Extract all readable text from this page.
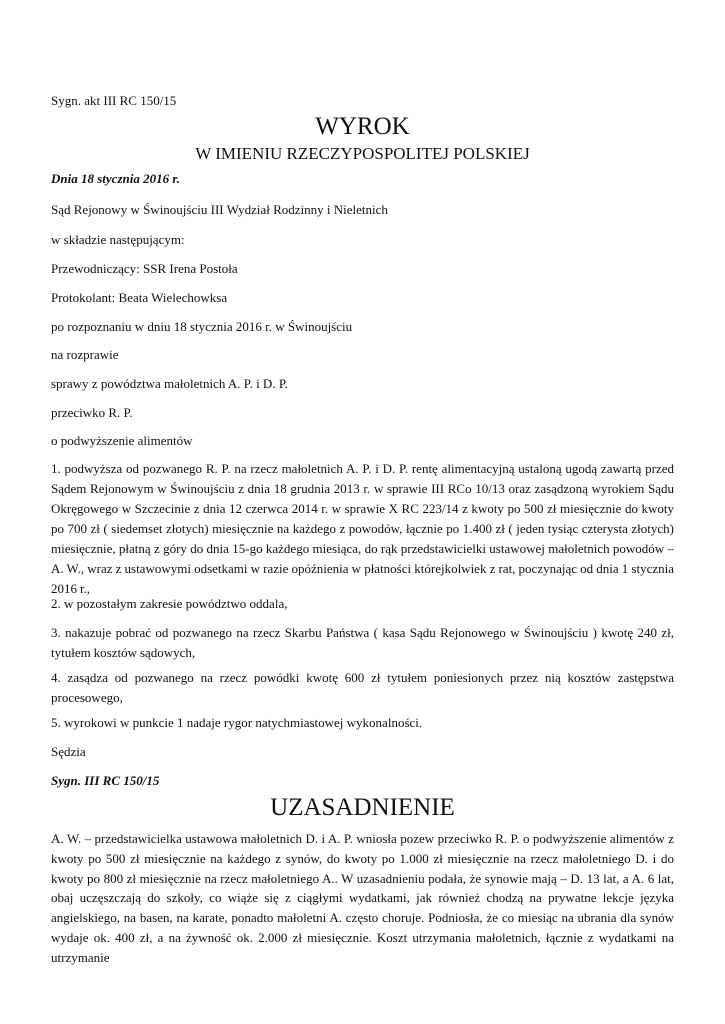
Sygn. akt III RC 150/15
WYROK
W IMIENIU RZECZYPOSPOLITEJ POLSKIEJ
Dnia 18 stycznia 2016 r.
Sąd Rejonowy w Świnoujściu III Wydział Rodzinny i Nieletnich
w składzie następującym:
Przewodniczący: SSR Irena Postoła
Protokolant: Beata Wielechowksa
po rozpoznaniu w dniu 18 stycznia 2016 r. w Świnoujściu
na rozprawie
sprawy z powództwa małoletnich A. P. i D. P.
przeciwko R. P.
o podwyższenie alimentów
1. podwyższa od pozwanego R. P. na rzecz małoletnich A. P. i D. P. rentę alimentacyjną ustaloną ugodą zawartą przed Sądem Rejonowym w Świnoujściu z dnia 18 grudnia 2013 r. w sprawie III RCo 10/13 oraz zasądzoną wyrokiem Sądu Okręgowego w Szczecinie z dnia 12 czerwca 2014 r. w sprawie X RC 223/14 z kwoty po 500 zł miesięcznie do kwoty po 700 zł ( siedemset złotych) miesięcznie na każdego z powodów, łącznie po 1.400 zł ( jeden tysiąc czterysta złotych) miesięcznie, płatną z góry do dnia 15-go każdego miesiąca, do rąk przedstawicielki ustawowej małoletnich powodów – A. W., wraz z ustawowymi odsetkami w razie opóźnienia w płatności którejkolwiek z rat, poczynając od dnia 1 stycznia 2016 r.,
2. w pozostałym zakresie powództwo oddala,
3. nakazuje pobrać od pozwanego na rzecz Skarbu Państwa ( kasa Sądu Rejonowego w Świnoujściu ) kwotę 240 zł, tytułem kosztów sądowych,
4. zasądza od pozwanego na rzecz powódki kwotę 600 zł tytułem poniesionych przez nią kosztów zastępstwa procesowego,
5. wyrokowi w punkcie 1 nadaje rygor natychmiastowej wykonalności.
Sędzia
Sygn. III RC 150/15
UZASADNIENIE
A. W. – przedstawicielka ustawowa małoletnich D. i A. P. wniosła pozew przeciwko R. P. o podwyższenie alimentów z kwoty po 500 zł miesięcznie na każdego z synów, do kwoty po 1.000 zł miesięcznie na rzecz małoletniego D. i do kwoty po 800 zł miesięcznie na rzecz małoletniego A.. W uzasadnieniu podała, że synowie mają – D. 13 lat, a A. 6 lat, obaj uczęszczają do szkoły, co wiąże się z ciągłymi wydatkami, jak również chodzą na prywatne lekcje języka angielskiego, na basen, na karate, ponadto małoletni A. często choruje. Podniosła, że co miesiąc na ubrania dla synów wydaje ok. 400 zł, a na żywność ok. 2.000 zł miesięcznie. Koszt utrzymania małoletnich, łącznie z wydatkami na utrzymanie
